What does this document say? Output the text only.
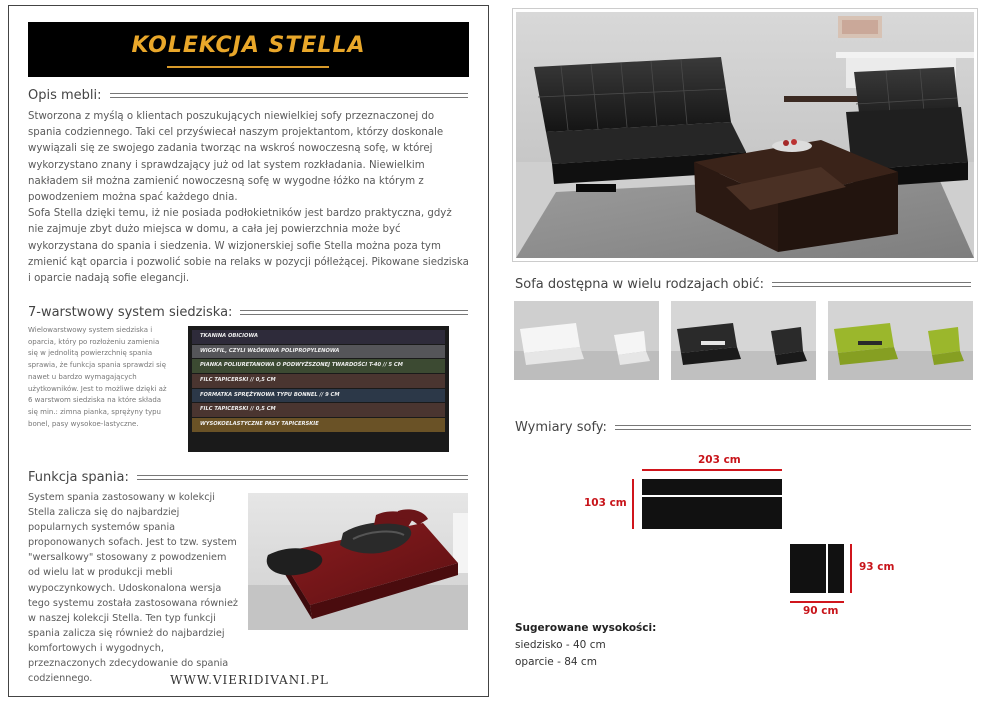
KOLEKCJA STELLA
Opis mebli:

Stworzona z myślą o klientach poszukujących niewielkiej sofy przeznaczonej do spania codziennego. Taki cel przyświecał naszym projektantom, którzy doskonale wywiązali się ze swojego zadania tworząc na wskroś nowoczesną sofę, w której wykorzystano znany i sprawdzający już od lat system rozkładania. Niewielkim nakładem sił można zamienić nowoczesną sofę w wygodne łóżko na którym z powodzeniem można spać każdego dnia.

Sofa Stella dzięki temu, iż nie posiada podłokietników jest bardzo praktyczna, gdyż nie zajmuje zbyt dużo miejsca w domu, a cała jej powierzchnia może być wykorzystana do spania i siedzenia. W wizjonerskiej sofie Stella można poza tym zmienić kąt oparcia i pozwolić sobie na relaks w pozycji półleżącej. Pikowane siedziska i oparcie nadają sofie elegancji.

7-warstwowy system siedziska:
Wielowarstwowy system siedziska i oparcia, który po rozłożeniu zamienia się w jednolitą powierzchnię spania sprawia, że funkcja spania sprawdzi się nawet u bardzo wymagających użytkowników. Jest to możliwe dzięki aż 6 warstwom siedziska na które składa się min.: zimna pianka, sprężyny typu bonel, pasy wysokoe-lastyczne.
TKANINA OBICIOWA
WIGOFIL, CZYLI WŁÓKNINA POLIPROPYLENOWA
PIANKA POLIURETANOWA O PODWYŻSZONEJ TWARDOŚCI T-40 // 5 CM
FILC TAPICERSKI // 0,5 CM
FORMATKA SPRĘŻYNOWA TYPU BONNEL // 9 CM
FILC TAPICERSKI // 0,5 CM
WYSOKOELASTYCZNE PASY TAPICERSKIE
Funkcja spania:
System spania zastosowany w kolekcji Stella zalicza się do najbardziej popularnych systemów spania proponowanych sofach. Jest to tzw. system "wersalkowy" stosowany z powodzeniem od wielu lat w produkcji mebli wypoczynkowych. Udoskonalona wersja tego systemu została zastosowana również w naszej kolekcji Stella. Ten typ funkcji spania zalicza się również do najbardziej komfortowych i wygodnych, przeznaczonych zdecydowanie do spania codziennego.	WWW.VIERIDIVANI.PL
Sofa dostępna w wielu rodzajach obić:
Wymiary sofy:
203 cm
103 cm
93 cm
90 cm
Sugerowane wysokości:
siedzisko - 40 cm
oparcie - 84 cm
